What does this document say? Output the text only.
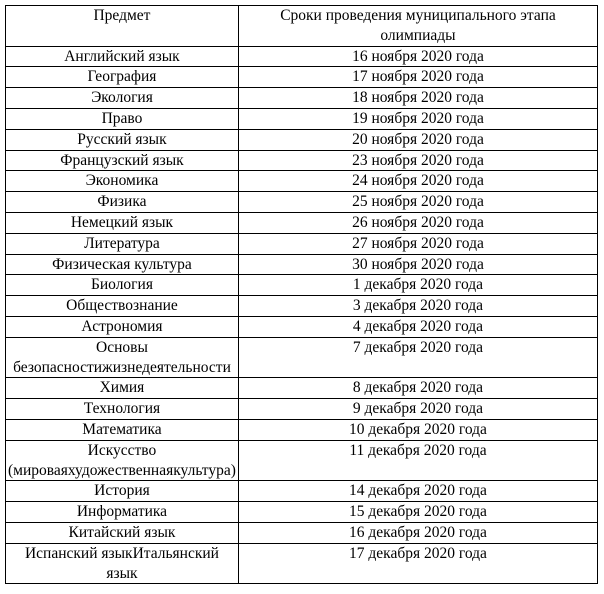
Предмет	Сроки проведения муниципального этапа
олимпиады

Английский язык	16 ноября 2020 года
География	17 ноября 2020 года
Экология	18 ноября 2020 года
Право	19 ноября 2020 года
Русский язык	20 ноября 2020 года
Французский язык	23 ноября 2020 года
Экономика	24 ноября 2020 года
Физика	25 ноября 2020 года
Немецкий язык	26 ноября 2020 года
Литература	27 ноября 2020 года
Физическая культура	30 ноября 2020 года
Биология	1 декабря 2020 года
Обществознание	3 декабря 2020 года
Астрономия	4 декабря 2020 года
Основы безопасностижизнедеятельности	7 декабря 2020 года
Химия	8 декабря 2020 года
Технология	9 декабря 2020 года
Математика	10 декабря 2020 года
Искусство (мироваяхудожественнаякультура)	11 декабря 2020 года
История	14 декабря 2020 года
Информатика	15 декабря 2020 года
Китайский язык	16 декабря 2020 года
Испанский языкИтальянский язык	17 декабря 2020 года
